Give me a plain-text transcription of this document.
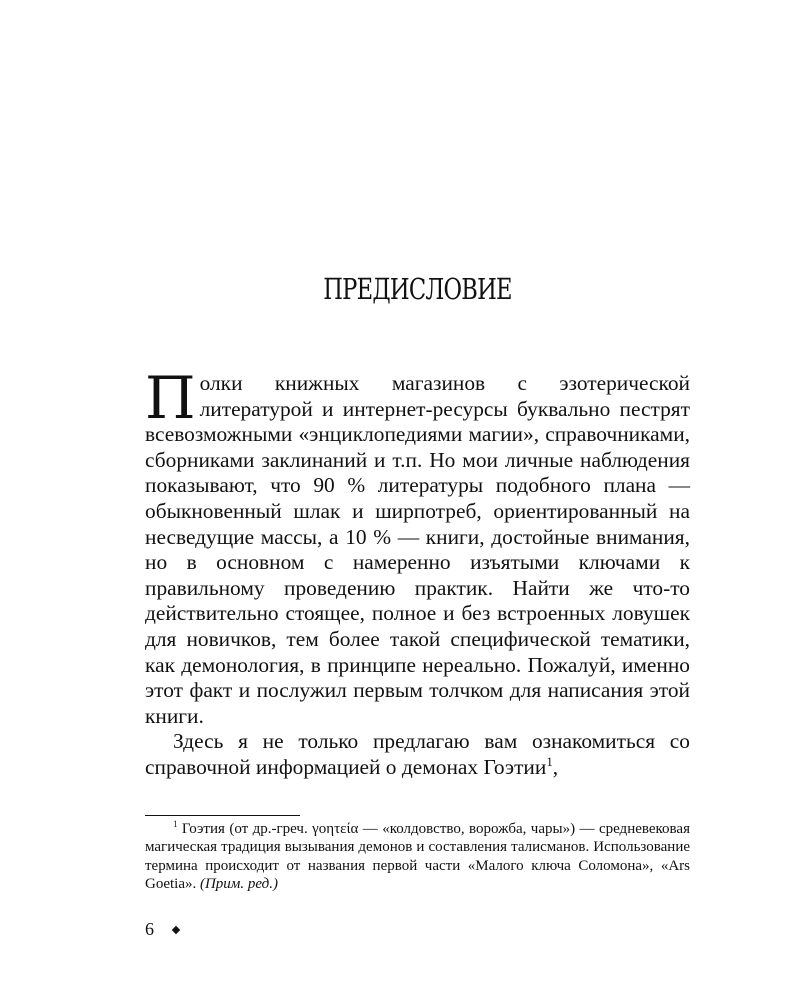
ПРЕДИСЛОВИЕ

Полки книжных магазинов с эзотерической литературой и интернет-ресурсы буквально пестрят всевозможными «энциклопедиями магии», справочниками, сборниками заклинаний и т.п. Но мои личные наблюдения показывают, что 90 % литературы подобного плана — обыкновенный шлак и ширпотреб, ориентированный на несведущие массы, а 10 % — книги, достойные внимания, но в основном с намеренно изъятыми ключами к правильному проведению практик. Найти же что-то действительно стоящее, полное и без встроенных ловушек для новичков, тем более такой специфической тематики, как демонология, в принципе нереально. Пожалуй, именно этот факт и послужил первым толчком для написания этой книги.

Здесь я не только предлагаю вам ознакомиться со справочной информацией о демонах Гоэтии$^1$,

$^1$ Гоэтия (от др.-греч. γοητεία — «колдовство, ворожба, чары») — средневековая магическая традиция вызывания демонов и составления талисманов. Использование термина происходит от названия первой части «Малого ключа Соломона», «Ars Goetia». (Прим. ред.)

6
